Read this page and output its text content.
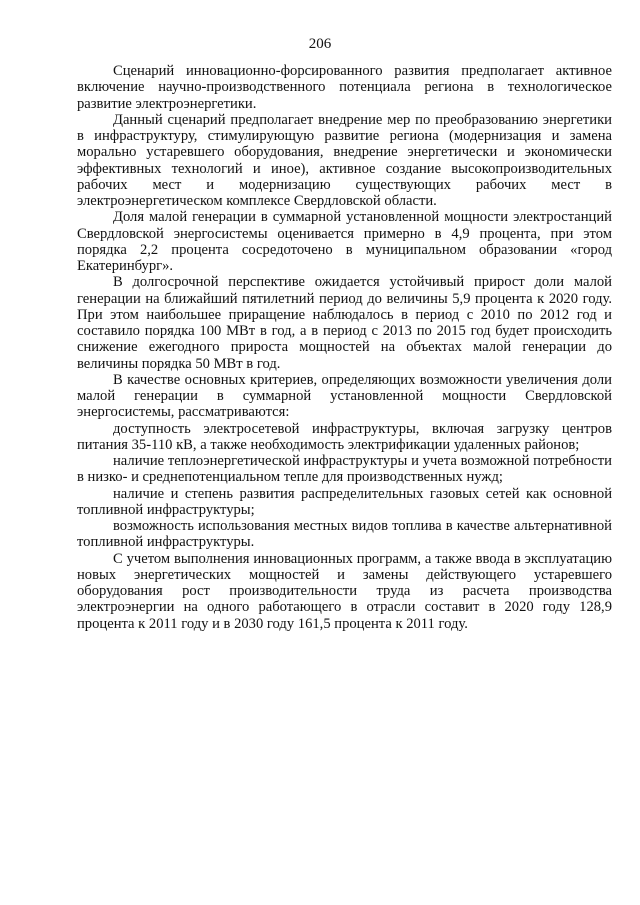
206

Сценарий инновационно-форсированного развития предполагает активное включение научно-производственного потенциала региона в технологическое развитие электроэнергетики.

Данный сценарий предполагает внедрение мер по преобразованию энергетики в инфраструктуру, стимулирующую развитие региона (модернизация и замена морально устаревшего оборудования, внедрение энергетически и экономически эффективных технологий и иное), активное создание высокопроизводительных рабочих мест и модернизацию существующих рабочих мест в электроэнергетическом комплексе Свердловской области.

Доля малой генерации в суммарной установленной мощности электростанций Свердловской энергосистемы оценивается примерно в 4,9 процента, при этом порядка 2,2 процента сосредоточено в муниципальном образовании «город Екатеринбург».

В долгосрочной перспективе ожидается устойчивый прирост доли малой генерации на ближайший пятилетний период до величины 5,9 процента к 2020 году. При этом наибольшее приращение наблюдалось в период с 2010 по 2012 год и составило порядка 100 МВт в год, а в период с 2013 по 2015 год будет происходить снижение ежегодного прироста мощностей на объектах малой генерации до величины порядка 50 МВт в год.

В качестве основных критериев, определяющих возможности увеличения доли малой генерации в суммарной установленной мощности Свердловской энергосистемы, рассматриваются:

доступность электросетевой инфраструктуры, включая загрузку центров питания 35-110 кВ, а также необходимость электрификации удаленных районов;

наличие теплоэнергетической инфраструктуры и учета возможной потребности в низко- и среднепотенциальном тепле для производственных нужд;

наличие и степень развития распределительных газовых сетей как основной топливной инфраструктуры;

возможность использования местных видов топлива в качестве альтернативной топливной инфраструктуры.

С учетом выполнения инновационных программ, а также ввода в эксплуатацию новых энергетических мощностей и замены действующего устаревшего оборудования рост производительности труда из расчета производства электроэнергии на одного работающего в отрасли составит в 2020 году 128,9 процента к 2011 году и в 2030 году 161,5 процента к 2011 году.
